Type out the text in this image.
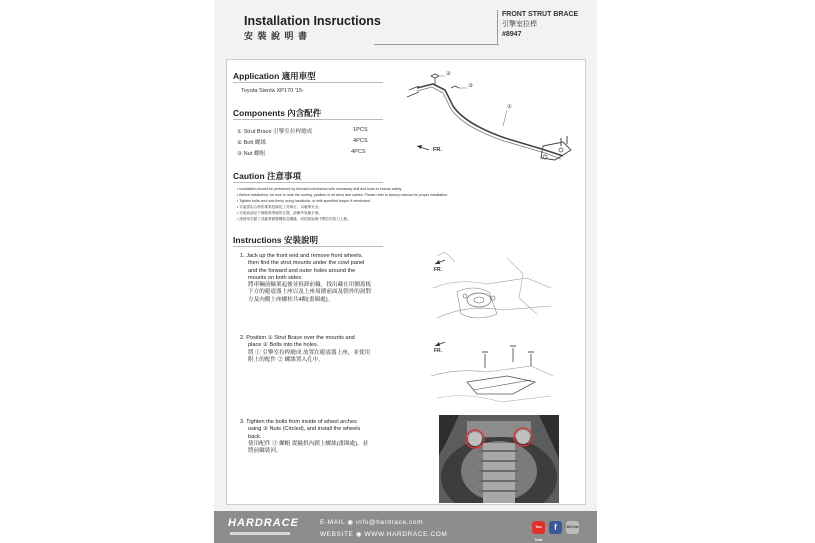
Installation Insructions
安 裝 說 明 書
FRONT STRUT BRACE
引擎室拉桿
#8947
Application 適用車型
Toyota Sienta XP170 '15-
Components 內含配件
① Strut Brace 引擎室拉桿總成	1PCS
② Bolt 螺絲	4PCS
③ Nut 螺帽	4PCS
②
③
①
FR.
Caution 注意事項
• Installation should be performed by licensed mechanics with necessary skill and tools to ensure safety.
• Before installation, be sure to note the routing, position of all wires and cables. Please refer to factory manual for proper installation.
• Tighten bolts and nuts firmly using handtools, or with specified torque if mentioned.
• 安裝需由合格的專業技師及工具執行，以確保安全。
• 安裝前請記下線路與導線的位置，請參考原廠手冊。
• 請使用手動工具確實鎖緊螺栓及螺絲，或依照說明中標註的扭力上鎖。
Instructions 安裝說明
1. Jack up the front end and remove front wheels,
then find the strut mounts under the cowl panel
and the forward and outer holes around the
mounts on both sides.
將車輛前輪架起後並拆卸前輪，找出藏在用側蓋板
下方的避震器上座以及上座周圍前面及朝外的洞對
方及內側上座螺栓共4顆(畫圈處)。
2. Position ① Strut Brace over the mounts and
place ② Bolts into the holes.
將 ① 引擎室拉桿總成 放置在避震器上座，並使用
附上的配件 ② 螺絲置入孔中。
3. Tighten the bolts from inside of wheel arches
using ③ Nuts (Circled), and install the wheels
back.
使用配件 ③ 螺帽 從輪拱內鎖上螺絲(畫圈處)，並
將前輪裝回。
FR.
FR.
HARDRACE	E-MAIL ◉ info@hardrace.com
WEBSITE ◉ WWW.HARDRACE.COM
You Tube
f	WeChat
